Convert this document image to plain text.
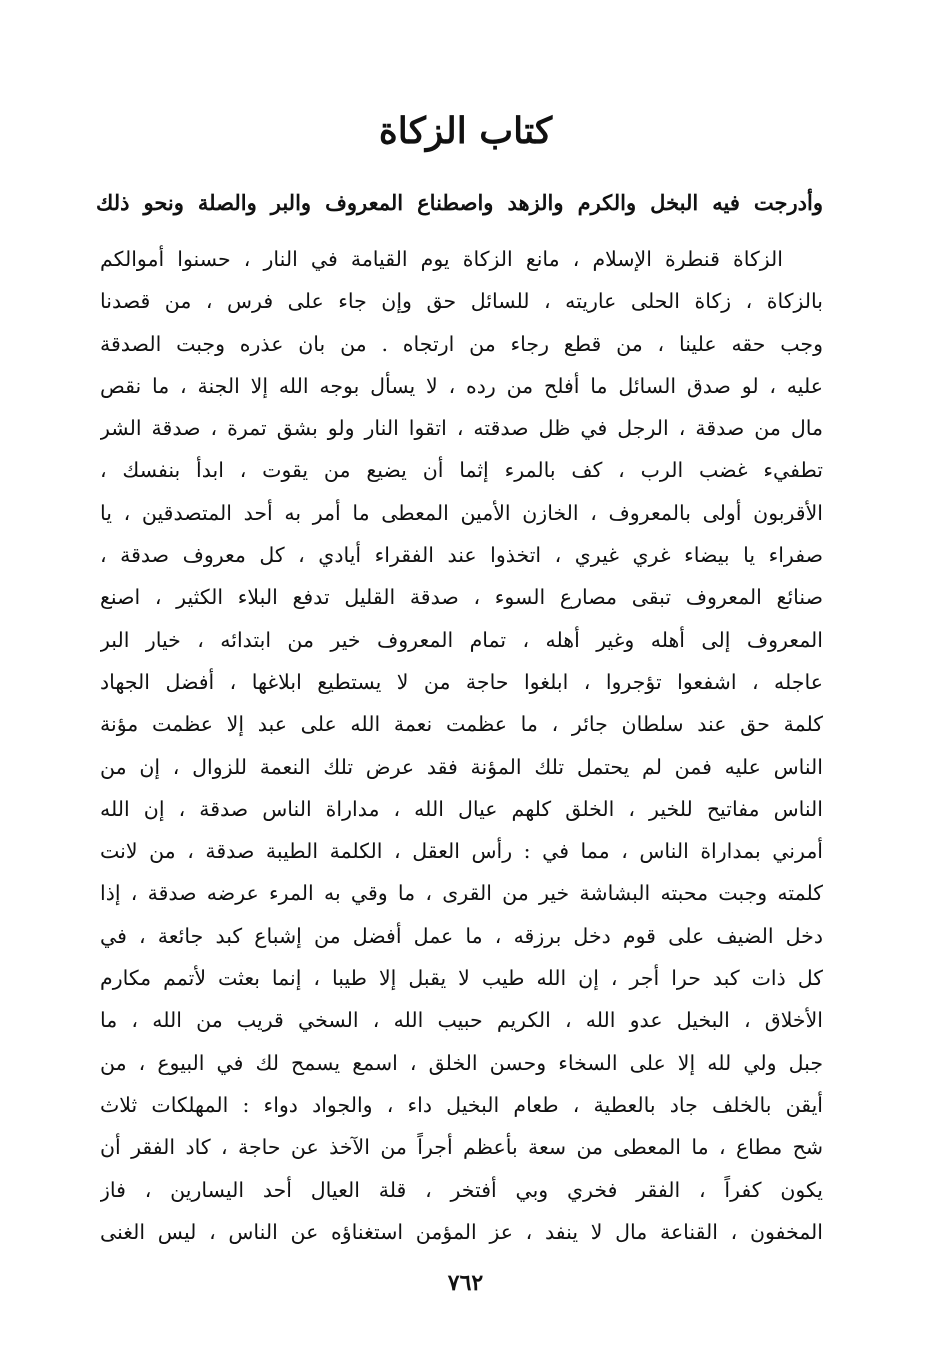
كتاب الزكاة
وأدرجت فيه البخل والكرم والزهد واصطناع المعروف والبر والصلة ونحو ذلك
الزكاة قنطرة الإسلام ، مانع الزكاة يوم القيامة في النار ، حسنوا أموالكم
بالزكاة ، زكاة الحلى عاريته ، للسائل حق وإن جاء على فرس ، من قصدنا
وجب حقه علينا ، من قطع رجاء من ارتجاه . من بان عذره وجبت الصدقة
عليه ، لو صدق السائل ما أفلح من رده ، لا يسأل بوجه الله إلا الجنة ، ما نقص
مال من صدقة ، الرجل في ظل صدقته ، اتقوا النار ولو بشق تمرة ، صدقة الشر
تطفيء غضب الرب ، كف بالمرء إثما أن يضيع من يقوت ، ابدأ بنفسك ،
الأقربون أولى بالمعروف ، الخازن الأمين المعطى ما أمر به أحد المتصدقين ، يا
صفراء يا بيضاء غري غيري ، اتخذوا عند الفقراء أيادي ، كل معروف صدقة ،
صنائع المعروف تبقى مصارع السوء ، صدقة القليل تدفع البلاء الكثير ، اصنع
المعروف إلى أهله وغير أهله ، تمام المعروف خير من ابتدائه ، خيار البر
عاجله ، اشفعوا تؤجروا ، ابلغوا حاجة من لا يستطيع ابلاغها ، أفضل الجهاد
كلمة حق عند سلطان جائر ، ما عظمت نعمة الله على عبد إلا عظمت مؤنة
الناس عليه فمن لم يحتمل تلك المؤنة فقد عرض تلك النعمة للزوال ، إن من
الناس مفاتيح للخير ، الخلق كلهم عيال الله ، مداراة الناس صدقة ، إن الله
أمرني بمداراة الناس ، مما في : رأس العقل ، الكلمة الطيبة صدقة ، من لانت
كلمته وجبت محبته البشاشة خير من القرى ، ما وقي به المرء عرضه صدقة ، إذا
دخل الضيف على قوم دخل برزقه ، ما عمل أفضل من إشباع كبد جائعة ، في
كل ذات كبد حرا أجر ، إن الله طيب لا يقبل إلا طيبا ، إنما بعثت لأتمم مكارم
الأخلاق ، البخيل عدو الله ، الكريم حبيب الله ، السخي قريب من الله ، ما
جبل ولي لله إلا على السخاء وحسن الخلق ، اسمع يسمح لك في البيوع ، من
أيقن بالخلف جاد بالعطية ، طعام البخيل داء ، والجواد دواء : المهلكات ثلاث
شح مطاع ، ما المعطى من سعة بأعظم أجراً من الآخذ عن حاجة ، كاد الفقر أن
يكون كفراً ، الفقر فخري وبي أفتخر ، قلة العيال أحد اليسارين ، فاز
المخفون ، القناعة مال لا ينفد ، عز المؤمن استغناؤه عن الناس ، ليس الغنى
٧٦٢
